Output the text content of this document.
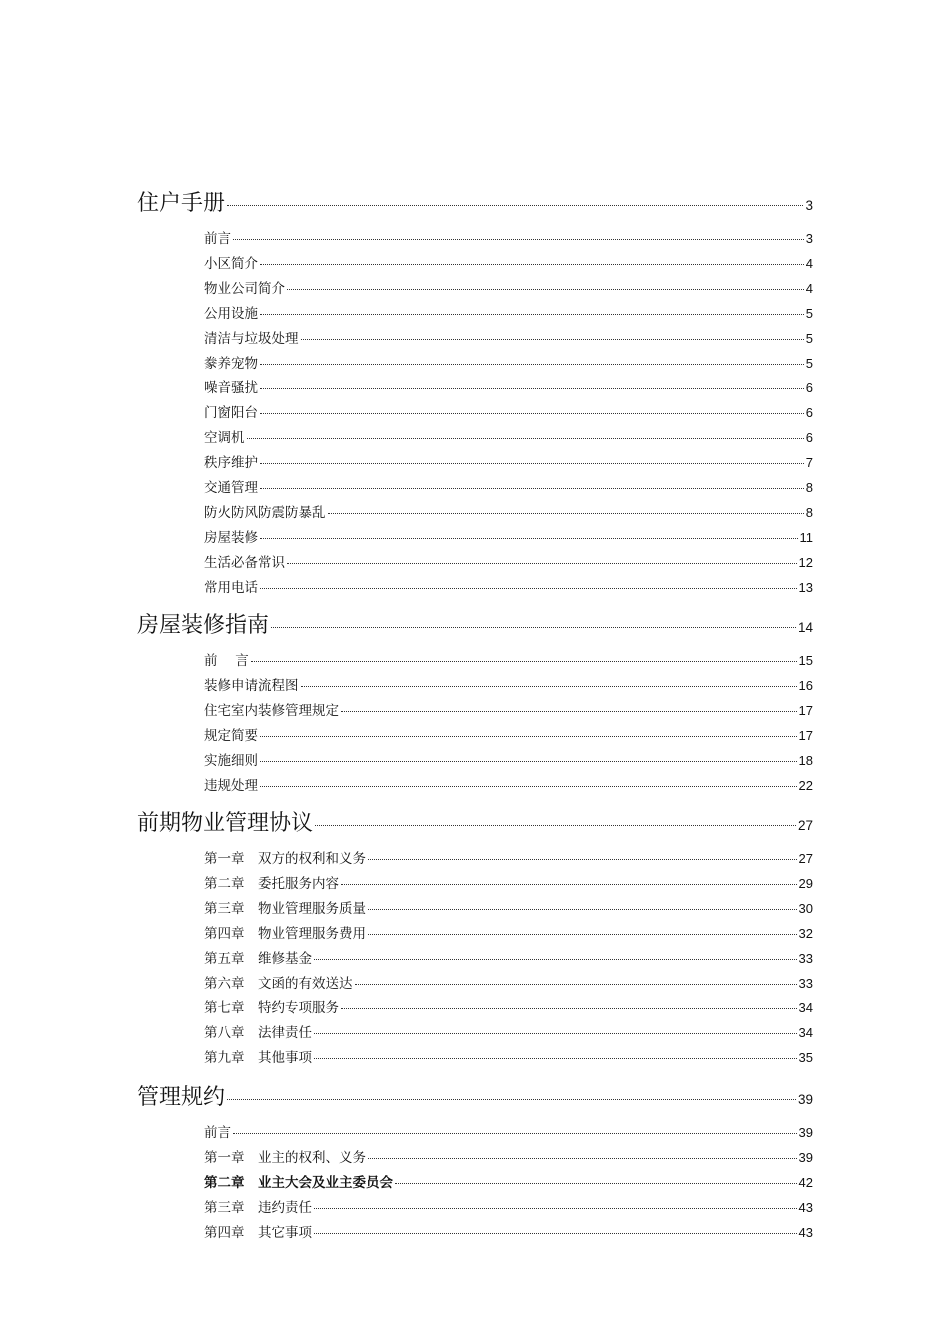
住户手册	3
前言	3
小区简介	4
物业公司简介	4
公用设施	5
清洁与垃圾处理	5
豢养宠物	5
噪音骚扰	6
门窗阳台	6
空调机	6
秩序维护	7
交通管理	8
防火防风防震防暴乱	8
房屋装修	11
生活必备常识	12
常用电话	13
房屋装修指南	14
前　 言	15
装修申请流程图	16
住宅室内装修管理规定	17
规定简要	17
实施细则	18
违规处理	22
前期物业管理协议	27
第一章　双方的权利和义务	27
第二章　委托服务内容	29
第三章　物业管理服务质量	30
第四章　物业管理服务费用	32
第五章　维修基金	33
第六章　文函的有效送达	33
第七章　特约专项服务	34
第八章　法律责任	34
第九章　其他事项	35
管理规约	39
前言	39
第一章　业主的权利、义务	39
第二章　业主大会及业主委员会	42
第三章　违约责任	43
第四章　其它事项	43
